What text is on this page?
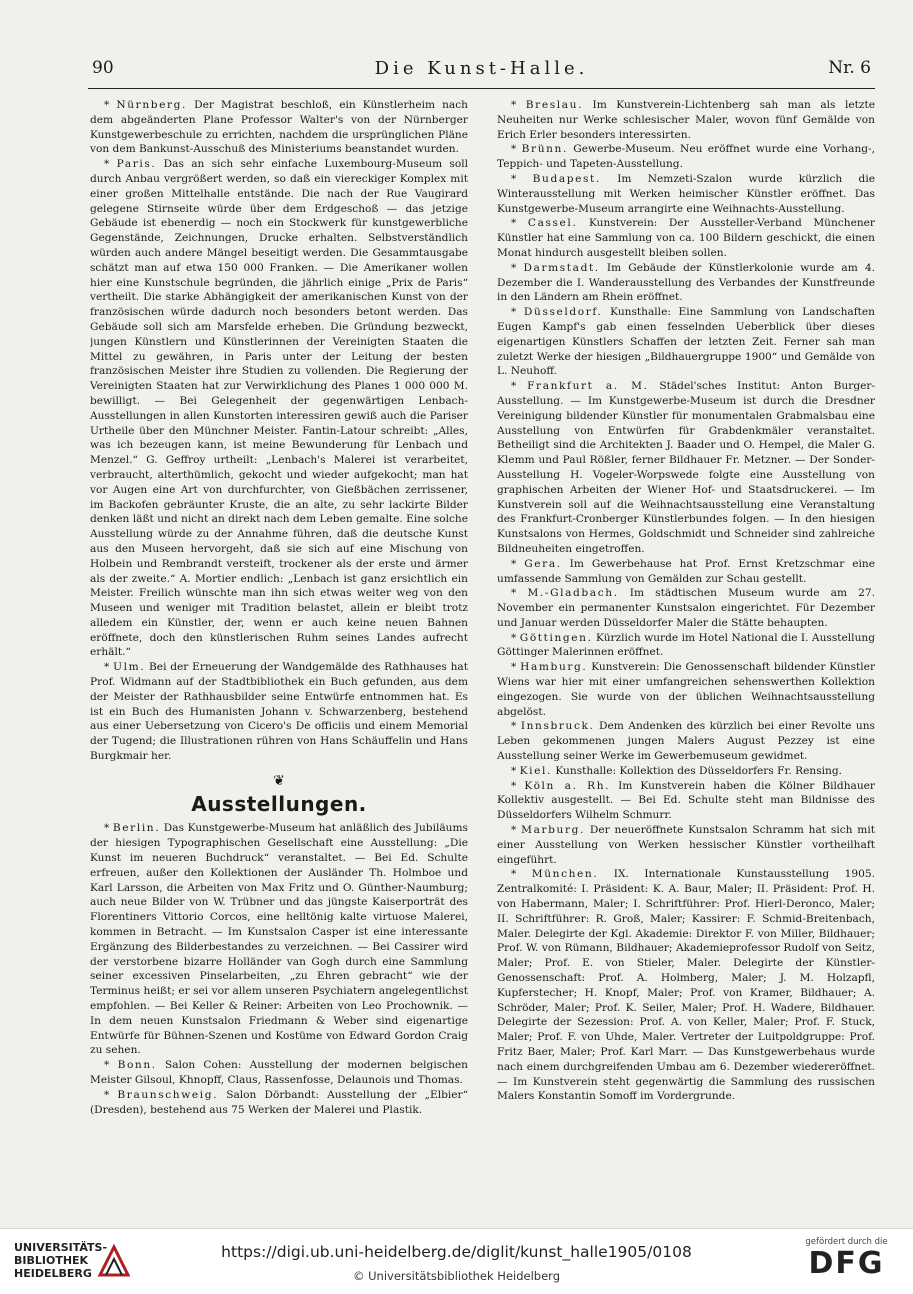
90	Die Kunst-Halle.	Nr. 6

* Nürnberg. Der Magistrat beschloß, ein Künstlerheim nach dem abgeänderten Plane Professor Walter's von der Nürnberger Kunstgewerbeschule zu errichten, nachdem die ursprünglichen Pläne von dem Bankunst-Ausschuß des Ministeriums beanstandet wurden.

* Paris. Das an sich sehr einfache Luxembourg-Museum soll durch Anbau vergrößert werden, so daß ein viereckiger Komplex mit einer großen Mittelhalle entstände. Die nach der Rue Vaugirard gelegene Stirnseite würde über dem Erdgeschoß — das jetzige Gebäude ist ebenerdig — noch ein Stockwerk für kunstgewerbliche Gegenstände, Zeichnungen, Drucke erhalten. Selbstverständlich würden auch andere Mängel beseitigt werden. Die Gesammtausgabe schätzt man auf etwa 150 000 Franken. — Die Amerikaner wollen hier eine Kunstschule begründen, die jährlich einige „Prix de Paris“ vertheilt. Die starke Abhängigkeit der amerikanischen Kunst von der französischen würde dadurch noch besonders betont werden. Das Gebäude soll sich am Marsfelde erheben. Die Gründung bezweckt, jungen Künstlern und Künstlerinnen der Vereinigten Staaten die Mittel zu gewähren, in Paris unter der Leitung der besten französischen Meister ihre Studien zu vollenden. Die Regierung der Vereinigten Staaten hat zur Verwirklichung des Planes 1 000 000 M. bewilligt. — Bei Gelegenheit der gegenwärtigen Lenbach-Ausstellungen in allen Kunstorten interessiren gewiß auch die Pariser Urtheile über den Münchner Meister. Fantin-Latour schreibt: „Alles, was ich bezeugen kann, ist meine Bewunderung für Lenbach und Menzel.“ G. Geffroy urtheilt: „Lenbach's Malerei ist verarbeitet, verbraucht, alterthümlich, gekocht und wieder aufgekocht; man hat vor Augen eine Art von durchfurchter, von Gießbächen zerrissener, im Backofen gebräunter Kruste, die an alte, zu sehr lackirte Bilder denken läßt und nicht an direkt nach dem Leben gemalte. Eine solche Ausstellung würde zu der Annahme führen, daß die deutsche Kunst aus den Museen hervorgeht, daß sie sich auf eine Mischung von Holbein und Rembrandt versteift, trockener als der erste und ärmer als der zweite.“ A. Mortier endlich: „Lenbach ist ganz ersichtlich ein Meister. Freilich wünschte man ihn sich etwas weiter weg von den Museen und weniger mit Tradition belastet, allein er bleibt trotz alledem ein Künstler, der, wenn er auch keine neuen Bahnen eröffnete, doch den künstlerischen Ruhm seines Landes aufrecht erhält.“

* Ulm. Bei der Erneuerung der Wandgemälde des Rathhauses hat Prof. Widmann auf der Stadtbibliothek ein Buch gefunden, aus dem der Meister der Rathhausbilder seine Entwürfe entnommen hat. Es ist ein Buch des Humanisten Johann v. Schwarzenberg, bestehend aus einer Uebersetzung von Cicero's De officiis und einem Memorial der Tugend; die Illustrationen rühren von Hans Schäuffelin und Hans Burgkmair her.

❦
Ausstellungen.

* Berlin. Das Kunstgewerbe-Museum hat anläßlich des Jubiläums der hiesigen Typographischen Gesellschaft eine Ausstellung: „Die Kunst im neueren Buchdruck“ veranstaltet. — Bei Ed. Schulte erfreuen, außer den Kollektionen der Ausländer Th. Holmboe und Karl Larsson, die Arbeiten von Max Fritz und O. Günther-Naumburg; auch neue Bilder von W. Trübner und das jüngste Kaiserporträt des Florentiners Vittorio Corcos, eine helltönig kalte virtuose Malerei, kommen in Betracht. — Im Kunstsalon Casper ist eine interessante Ergänzung des Bilderbestandes zu verzeichnen. — Bei Cassirer wird der verstorbene bizarre Holländer van Gogh durch eine Sammlung seiner excessiven Pinselarbeiten, „zu Ehren gebracht“ wie der Terminus heißt; er sei vor allem unseren Psychiatern angelegentlichst empfohlen. — Bei Keller & Reiner: Arbeiten von Leo Prochownik. — In dem neuen Kunstsalon Friedmann & Weber sind eigenartige Entwürfe für Bühnen-Szenen und Kostüme von Edward Gordon Craig zu sehen.

* Bonn. Salon Cohen: Ausstellung der modernen belgischen Meister Gilsoul, Khnopff, Claus, Rassenfosse, Delaunois und Thomas.

* Braunschweig. Salon Dörbandt: Ausstellung der „Elbier“ (Dresden), bestehend aus 75 Werken der Malerei und Plastik.

* Breslau. Im Kunstverein-Lichtenberg sah man als letzte Neuheiten nur Werke schlesischer Maler, wovon fünf Gemälde von Erich Erler besonders interessirten.

* Brünn. Gewerbe-Museum. Neu eröffnet wurde eine Vorhang-, Teppich- und Tapeten-Ausstellung.

* Budapest. Im Nemzeti-Szalon wurde kürzlich die Winterausstellung mit Werken heimischer Künstler eröffnet. Das Kunstgewerbe-Museum arrangirte eine Weihnachts-Ausstellung.

* Cassel. Kunstverein: Der Aussteller-Verband Münchener Künstler hat eine Sammlung von ca. 100 Bildern geschickt, die einen Monat hindurch ausgestellt bleiben sollen.

* Darmstadt. Im Gebäude der Künstlerkolonie wurde am 4. Dezember die I. Wanderausstellung des Verbandes der Kunstfreunde in den Ländern am Rhein eröffnet.

* Düsseldorf. Kunsthalle: Eine Sammlung von Landschaften Eugen Kampf's gab einen fesselnden Ueberblick über dieses eigenartigen Künstlers Schaffen der letzten Zeit. Ferner sah man zuletzt Werke der hiesigen „Bildhauergruppe 1900“ und Gemälde von L. Neuhoff.

* Frankfurt a. M. Städel'sches Institut: Anton Burger-Ausstellung. — Im Kunstgewerbe-Museum ist durch die Dresdner Vereinigung bildender Künstler für monumentalen Grabmalsbau eine Ausstellung von Entwürfen für Grabdenkmäler veranstaltet. Betheiligt sind die Architekten J. Baader und O. Hempel, die Maler G. Klemm und Paul Rößler, ferner Bildhauer Fr. Metzner. — Der Sonder-Ausstellung H. Vogeler-Worpswede folgte eine Ausstellung von graphischen Arbeiten der Wiener Hof- und Staatsdruckerei. — Im Kunstverein soll auf die Weihnachtsausstellung eine Veranstaltung des Frankfurt-Cronberger Künstlerbundes folgen. — In den hiesigen Kunstsalons von Hermes, Goldschmidt und Schneider sind zahlreiche Bildneuheiten eingetroffen.

* Gera. Im Gewerbehause hat Prof. Ernst Kretzschmar eine umfassende Sammlung von Gemälden zur Schau gestellt.

* M.-Gladbach. Im städtischen Museum wurde am 27. November ein permanenter Kunstsalon eingerichtet. Für Dezember und Januar werden Düsseldorfer Maler die Stätte behaupten.

* Göttingen. Kürzlich wurde im Hotel National die I. Ausstellung Göttinger Malerinnen eröffnet.

* Hamburg. Kunstverein: Die Genossenschaft bildender Künstler Wiens war hier mit einer umfangreichen sehenswerthen Kollektion eingezogen. Sie wurde von der üblichen Weihnachtsausstellung abgelöst.

* Innsbruck. Dem Andenken des kürzlich bei einer Revolte uns Leben gekommenen jungen Malers August Pezzey ist eine Ausstellung seiner Werke im Gewerbemuseum gewidmet.

* Kiel. Kunsthalle: Kollektion des Düsseldorfers Fr. Rensing.

* Köln a. Rh. Im Kunstverein haben die Kölner Bildhauer Kollektiv ausgestellt. — Bei Ed. Schulte steht man Bildnisse des Düsseldorfers Wilhelm Schmurr.

* Marburg. Der neueröffnete Kunstsalon Schramm hat sich mit einer Ausstellung von Werken hessischer Künstler vortheilhaft eingeführt.

* München. IX. Internationale Kunstausstellung 1905. Zentralkomité: I. Präsident: K. A. Baur, Maler; II. Präsident: Prof. H. von Habermann, Maler; I. Schriftführer: Prof. Hierl-Deronco, Maler; II. Schriftführer: R. Groß, Maler; Kassirer: F. Schmid-Breitenbach, Maler. Delegirte der Kgl. Akademie: Direktor F. von Miller, Bildhauer; Prof. W. von Rümann, Bildhauer; Akademieprofessor Rudolf von Seitz, Maler; Prof. E. von Stieler, Maler. Delegirte der Künstler-Genossenschaft: Prof. A. Holmberg, Maler; J. M. Holzapfl, Kupferstecher; H. Knopf, Maler; Prof. von Kramer, Bildhauer; A. Schröder, Maler; Prof. K. Seiler, Maler; Prof. H. Wadere, Bildhauer. Delegirte der Sezession: Prof. A. von Keller, Maler; Prof. F. Stuck, Maler; Prof. F. von Uhde, Maler. Vertreter der Luitpoldgruppe: Prof. Fritz Baer, Maler; Prof. Karl Marr. — Das Kunstgewerbehaus wurde nach einem durchgreifenden Umbau am 6. Dezember wiedereröffnet. — Im Kunstverein steht gegenwärtig die Sammlung des russischen Malers Konstantin Somoff im Vordergrunde.

UNIVERSITÄTS-
BIBLIOTHEK
HEIDELBERG
https://digi.ub.uni-heidelberg.de/diglit/kunst_halle1905/0108
© Universitätsbibliothek Heidelberg
gefördert durch die
DFG
